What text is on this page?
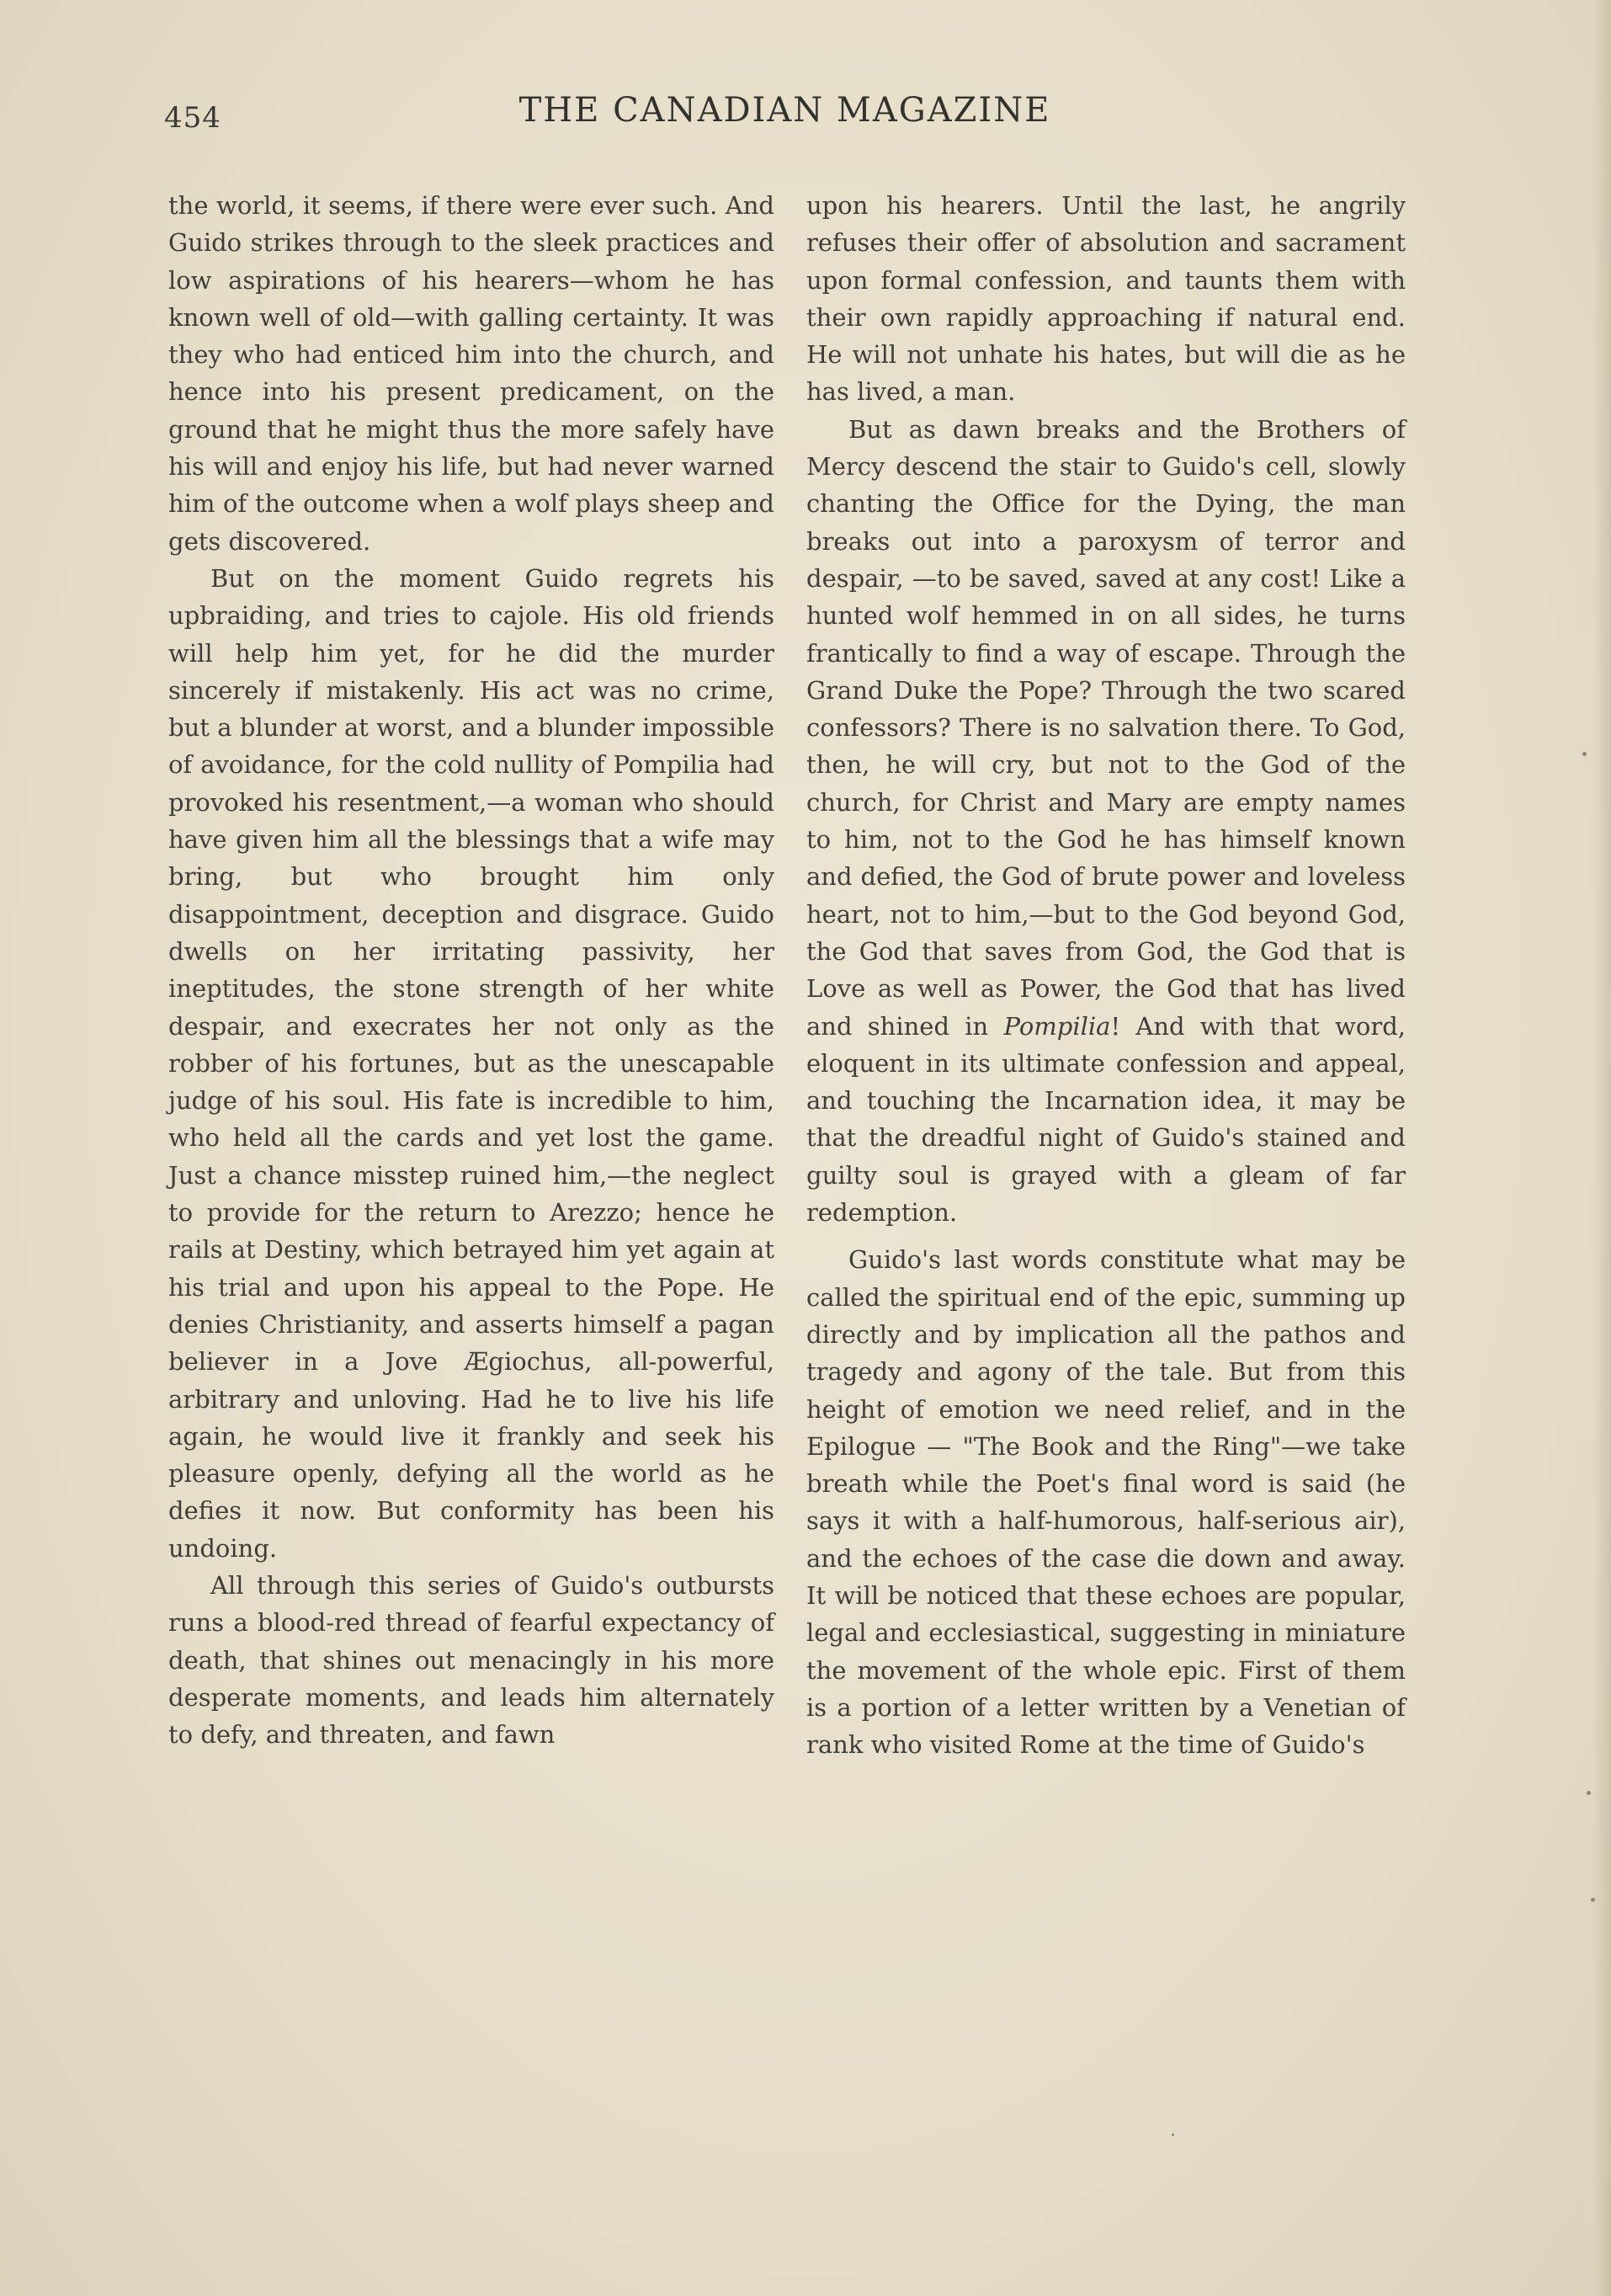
454	THE CANADIAN MAGAZINE

the world, it seems, if there were ever such. And Guido strikes through to the sleek practices and low aspirations of his hearers—whom he has known well of old—with galling certainty. It was they who had enticed him into the church, and hence into his present predicament, on the ground that he might thus the more safely have his will and enjoy his life, but had never warned him of the outcome when a wolf plays sheep and gets discovered.

But on the moment Guido regrets his upbraiding, and tries to cajole. His old friends will help him yet, for he did the murder sincerely if mistakenly. His act was no crime, but a blunder at worst, and a blunder impossible of avoidance, for the cold nullity of Pompilia had provoked his resentment,—a woman who should have given him all the blessings that a wife may bring, but who brought him only disappointment, deception and disgrace. Guido dwells on her irritating passivity, her ineptitudes, the stone strength of her white despair, and execrates her not only as the robber of his fortunes, but as the unescapable judge of his soul. His fate is incredible to him, who held all the cards and yet lost the game. Just a chance misstep ruined him,—the neglect to provide for the return to Arezzo; hence he rails at Destiny, which betrayed him yet again at his trial and upon his appeal to the Pope. He denies Christianity, and asserts himself a pagan believer in a Jove Ægiochus, all-powerful, arbitrary and unloving. Had he to live his life again, he would live it frankly and seek his pleasure openly, defying all the world as he defies it now. But conformity has been his undoing.

All through this series of Guido's outbursts runs a blood-red thread of fearful expectancy of death, that shines out menacingly in his more desperate moments, and leads him alternately to defy, and threaten, and fawn

upon his hearers. Until the last, he angrily refuses their offer of absolution and sacrament upon formal confession, and taunts them with their own rapidly approaching if natural end. He will not unhate his hates, but will die as he has lived, a man.

But as dawn breaks and the Brothers of Mercy descend the stair to Guido's cell, slowly chanting the Office for the Dying, the man breaks out into a paroxysm of terror and despair, —to be saved, saved at any cost! Like a hunted wolf hemmed in on all sides, he turns frantically to find a way of escape. Through the Grand Duke the Pope? Through the two scared confessors? There is no salvation there. To God, then, he will cry, but not to the God of the church, for Christ and Mary are empty names to him, not to the God he has himself known and defied, the God of brute power and loveless heart, not to him,—but to the God beyond God, the God that saves from God, the God that is Love as well as Power, the God that has lived and shined in Pompilia! And with that word, eloquent in its ultimate confession and appeal, and touching the Incarnation idea, it may be that the dreadful night of Guido's stained and guilty soul is grayed with a gleam of far redemption.

Guido's last words constitute what may be called the spiritual end of the epic, summing up directly and by implication all the pathos and tragedy and agony of the tale. But from this height of emotion we need relief, and in the Epilogue — "The Book and the Ring"—we take breath while the Poet's final word is said (he says it with a half-humorous, half-serious air), and the echoes of the case die down and away. It will be noticed that these echoes are popular, legal and ecclesiastical, suggesting in miniature the movement of the whole epic. First of them is a portion of a letter written by a Venetian of rank who visited Rome at the time of Guido's
